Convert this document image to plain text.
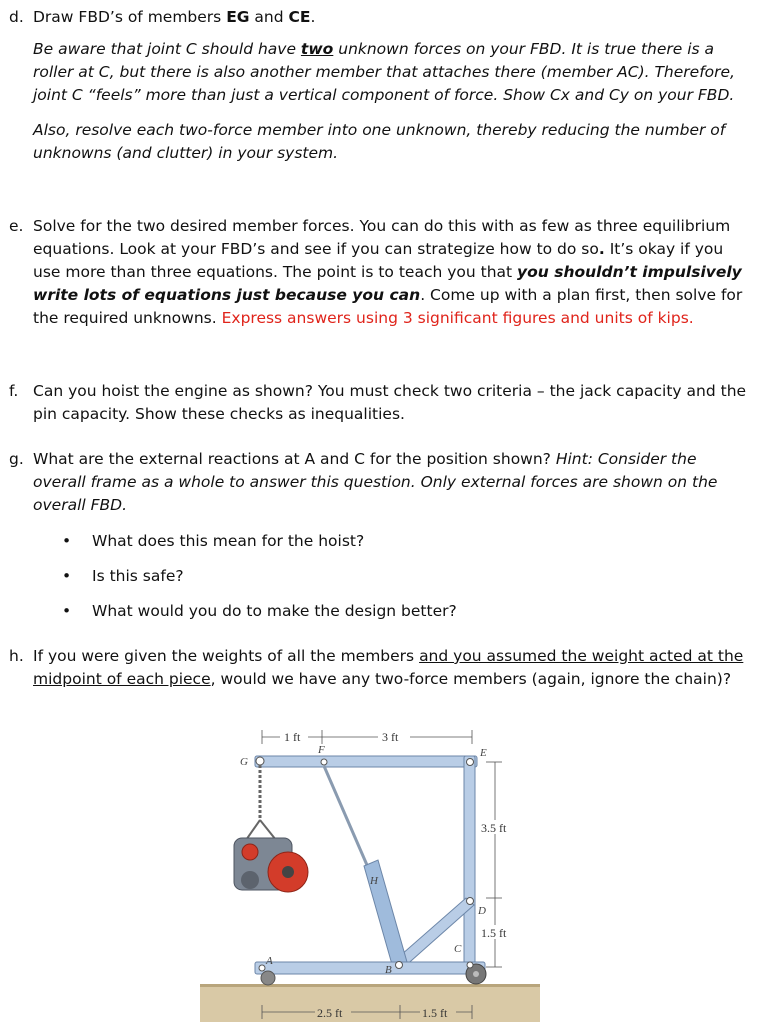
d. Draw FBD’s of members EG and CE.

Be aware that joint C should have two unknown forces on your FBD. It is true there is a roller at C, but there is also another member that attaches there (member AC). Therefore, joint C “feels” more than just a vertical component of force. Show Cx and Cy on your FBD.

Also, resolve each two-force member into one unknown, thereby reducing the number of unknowns (and clutter) in your system.

e. Solve for the two desired member forces. You can do this with as few as three equilibrium equations. Look at your FBD’s and see if you can strategize how to do so. It’s okay if you use more than three equations. The point is to teach you that you shouldn’t impulsively write lots of equations just because you can. Come up with a plan first, then solve for the required unknowns. Express answers using 3 significant figures and units of kips.

f. Can you hoist the engine as shown? You must check two criteria – the jack capacity and the pin capacity. Show these checks as inequalities.

g. What are the external reactions at A and C for the position shown? Hint: Consider the overall frame as a whole to answer this question. Only external forces are shown on the overall FBD.

• What does this mean for the hoist?
• Is this safe?
• What would you do to make the design better?
h. If you were given the weights of all the members and you assumed the weight acted at the midpoint of each piece, would we have any two-force members (again, ignore the chain)?

1 ft	3 ft
3.5 ft
1.5 ft
2.5 ft	1.5 ft
G
F	E
H
D
C
B
A
